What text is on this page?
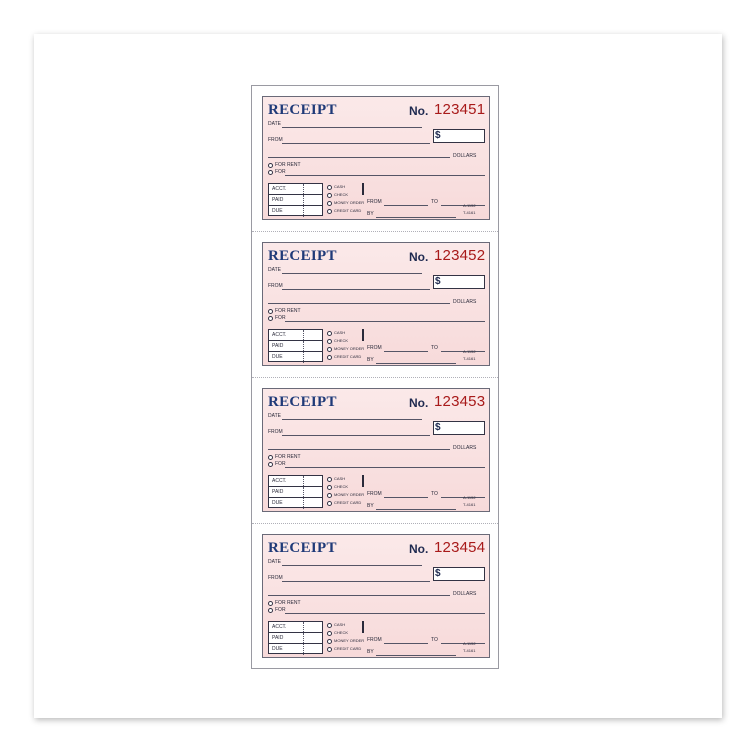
RECEIPT	No. 123451
DATE
FROM	$
DOLLARS
FOR RENT
FOR
ACCT.
PAID
DUE
CASH
CHECK
MONEY ORDER
CREDIT CARD
FROM	TO
BY
A-1152
T-4161
RECEIPT	No. 123452
DATE
FROM	$
DOLLARS
FOR RENT
FOR
ACCT.
PAID
DUE
CASH
CHECK
MONEY ORDER
CREDIT CARD
FROM	TO
BY
A-1152
T-4161
RECEIPT	No. 123453
DATE
FROM	$
DOLLARS
FOR RENT
FOR
ACCT.
PAID
DUE
CASH
CHECK
MONEY ORDER
CREDIT CARD
FROM	TO
BY
A-1152
T-4161
RECEIPT	No. 123454
DATE
FROM	$
DOLLARS
FOR RENT
FOR
ACCT.
PAID
DUE
CASH
CHECK
MONEY ORDER
CREDIT CARD
FROM	TO
BY
A-1152
T-4161
